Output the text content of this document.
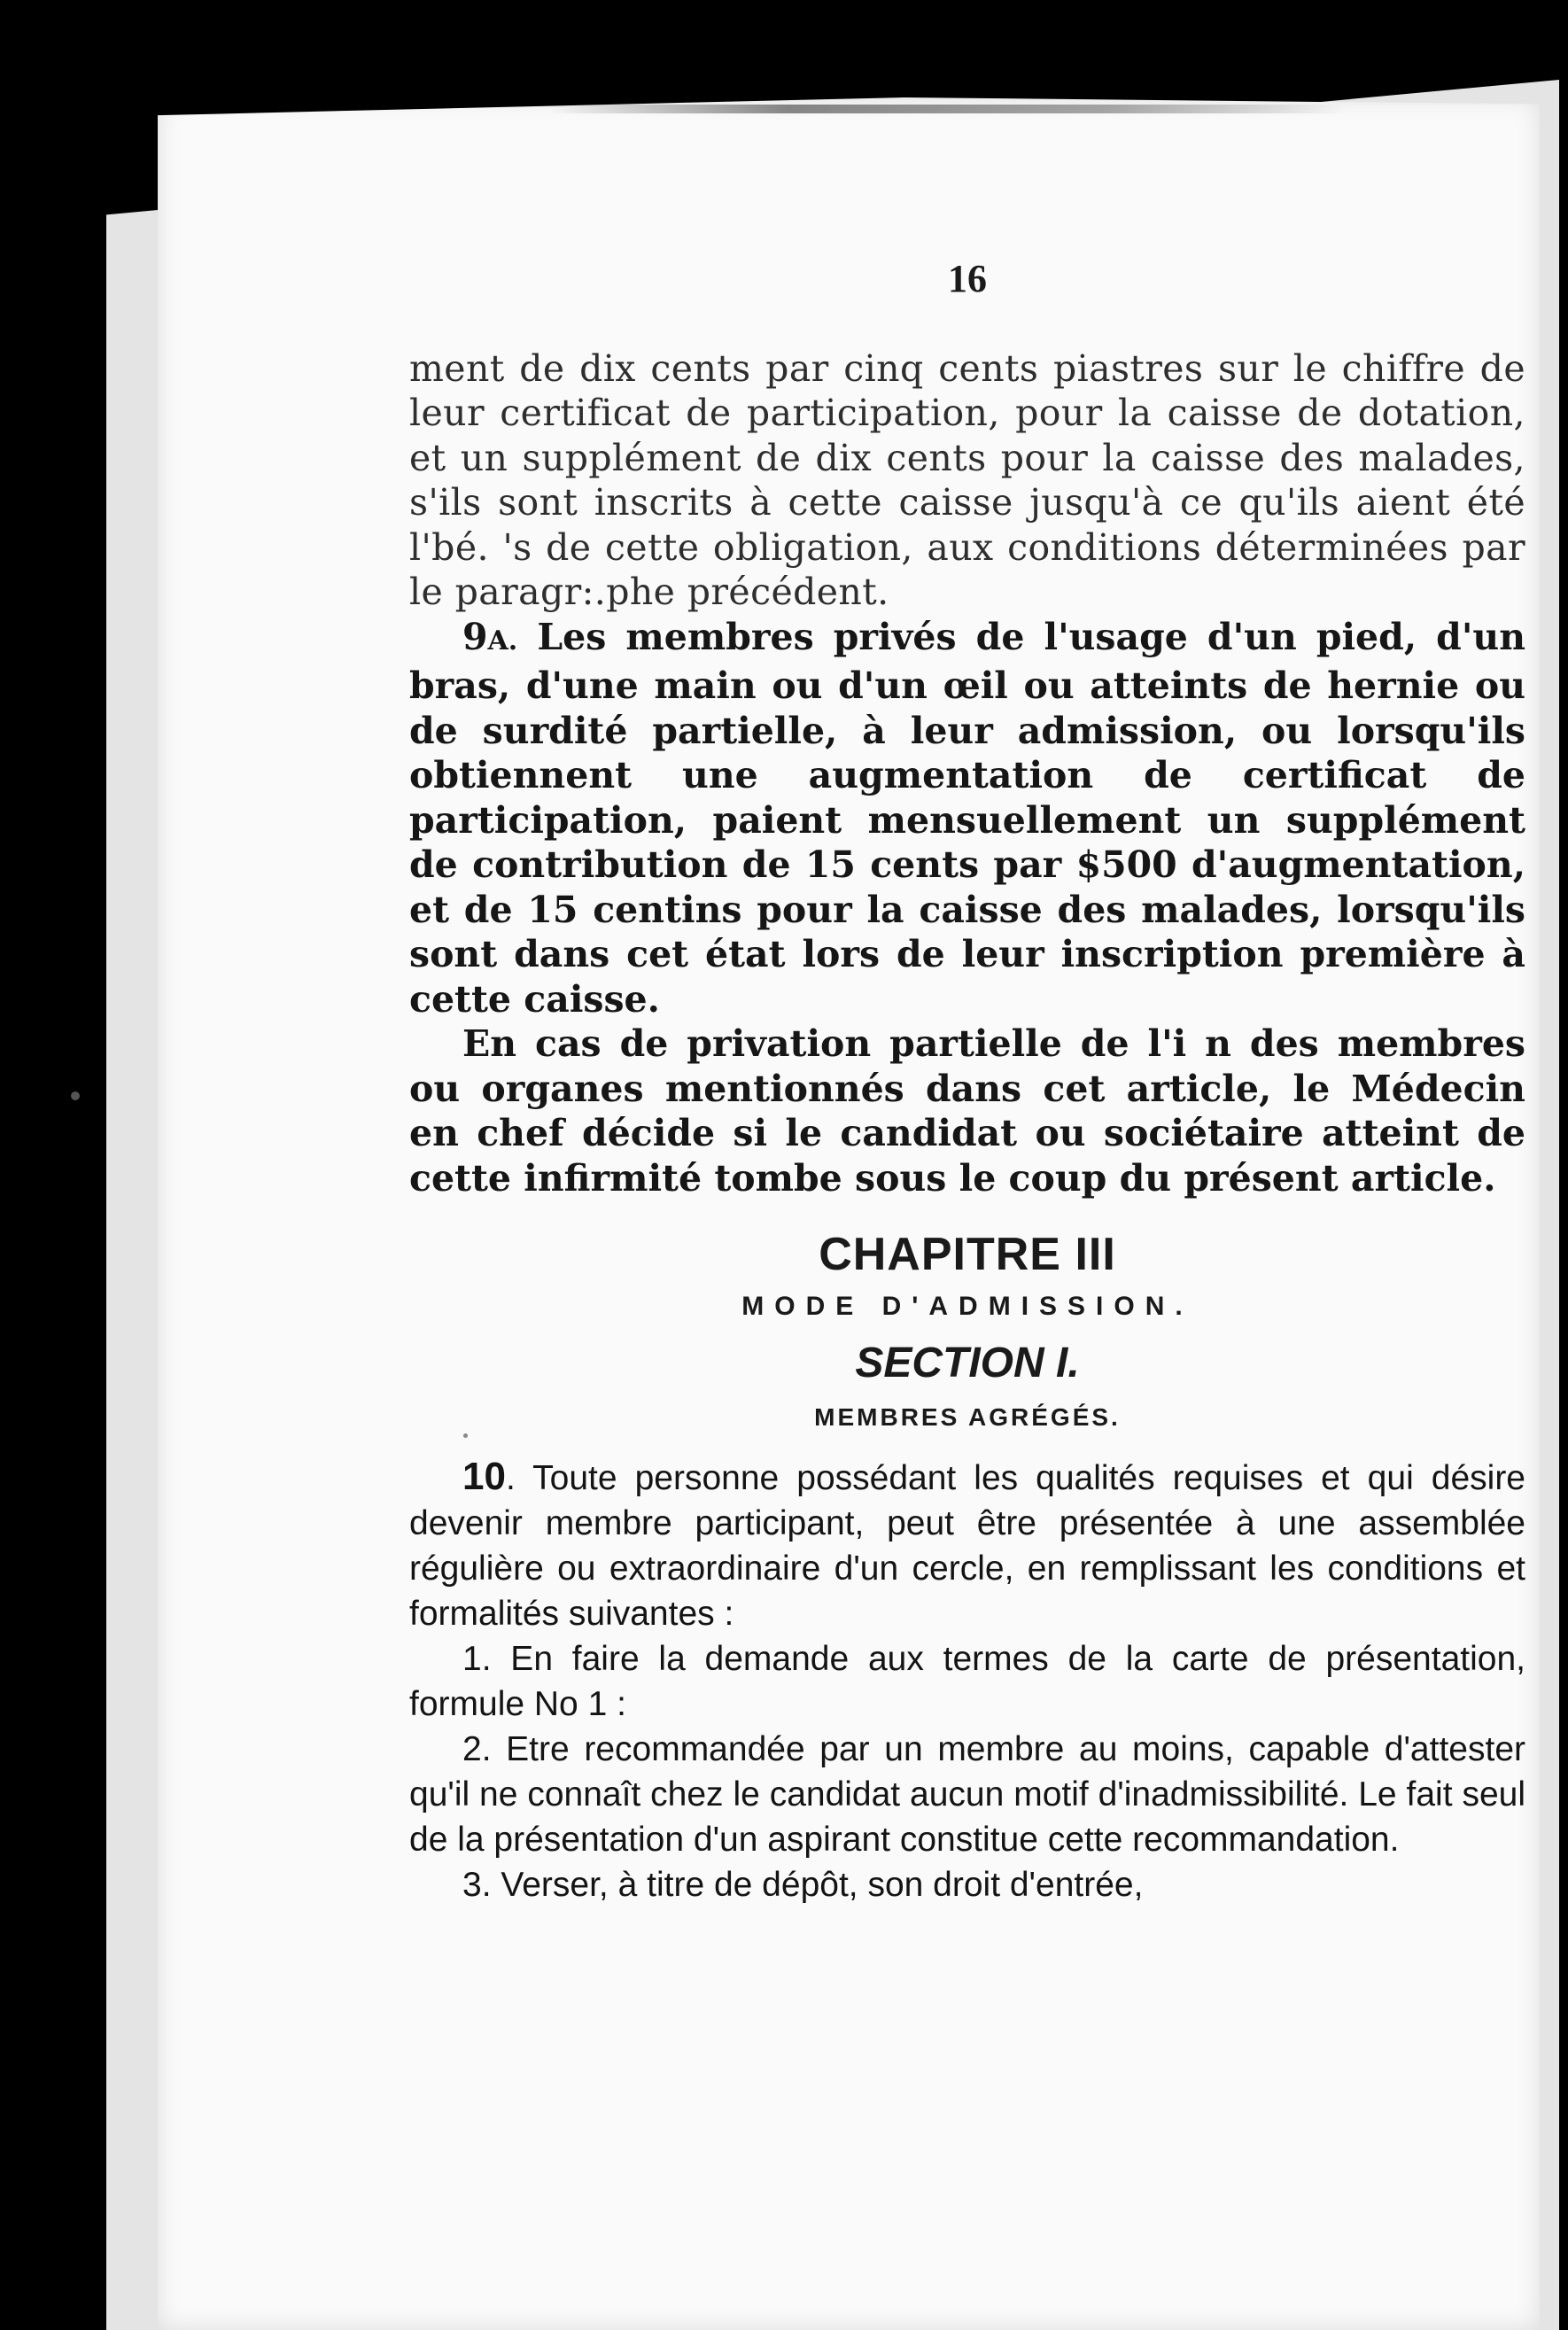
16

ment de dix cents par cinq cents piastres sur le chiffre de leur certificat de participation, pour la caisse de dotation, et un supplément de dix cents pour la caisse des malades, s'ils sont inscrits à cette caisse jusqu'à ce qu'ils aient été l'bé. 's de cette obligation, aux conditions déterminées par le paragr:.phe précédent.

9A. Les membres privés de l'usage d'un pied, d'un bras, d'une main ou d'un œil ou atteints de hernie ou de surdité partielle, à leur admission, ou lorsqu'ils obtiennent une augmentation de certificat de participation, paient mensuellement un supplément de contribution de 15 cents par $500 d'augmentation, et de 15 centins pour la caisse des malades, lorsqu'ils sont dans cet état lors de leur inscription première à cette caisse.

En cas de privation partielle de l'i n des membres ou organes mentionnés dans cet article, le Médecin en chef décide si le candidat ou sociétaire atteint de cette infirmité tombe sous le coup du présent article.

CHAPITRE III
MODE D'ADMISSION.
SECTION I.
MEMBRES AGRÉGÉS.

10. Toute personne possédant les qualités requises et qui désire devenir membre participant, peut être présentée à une assemblée régulière ou extraordinaire d'un cercle, en remplissant les conditions et formalités suivantes :

1. En faire la demande aux termes de la carte de présentation, formule No 1 :

2. Etre recommandée par un membre au moins, capable d'attester qu'il ne connaît chez le candidat aucun motif d'inadmissibilité. Le fait seul de la présentation d'un aspirant constitue cette recommandation.

3. Verser, à titre de dépôt, son droit d'entrée,
